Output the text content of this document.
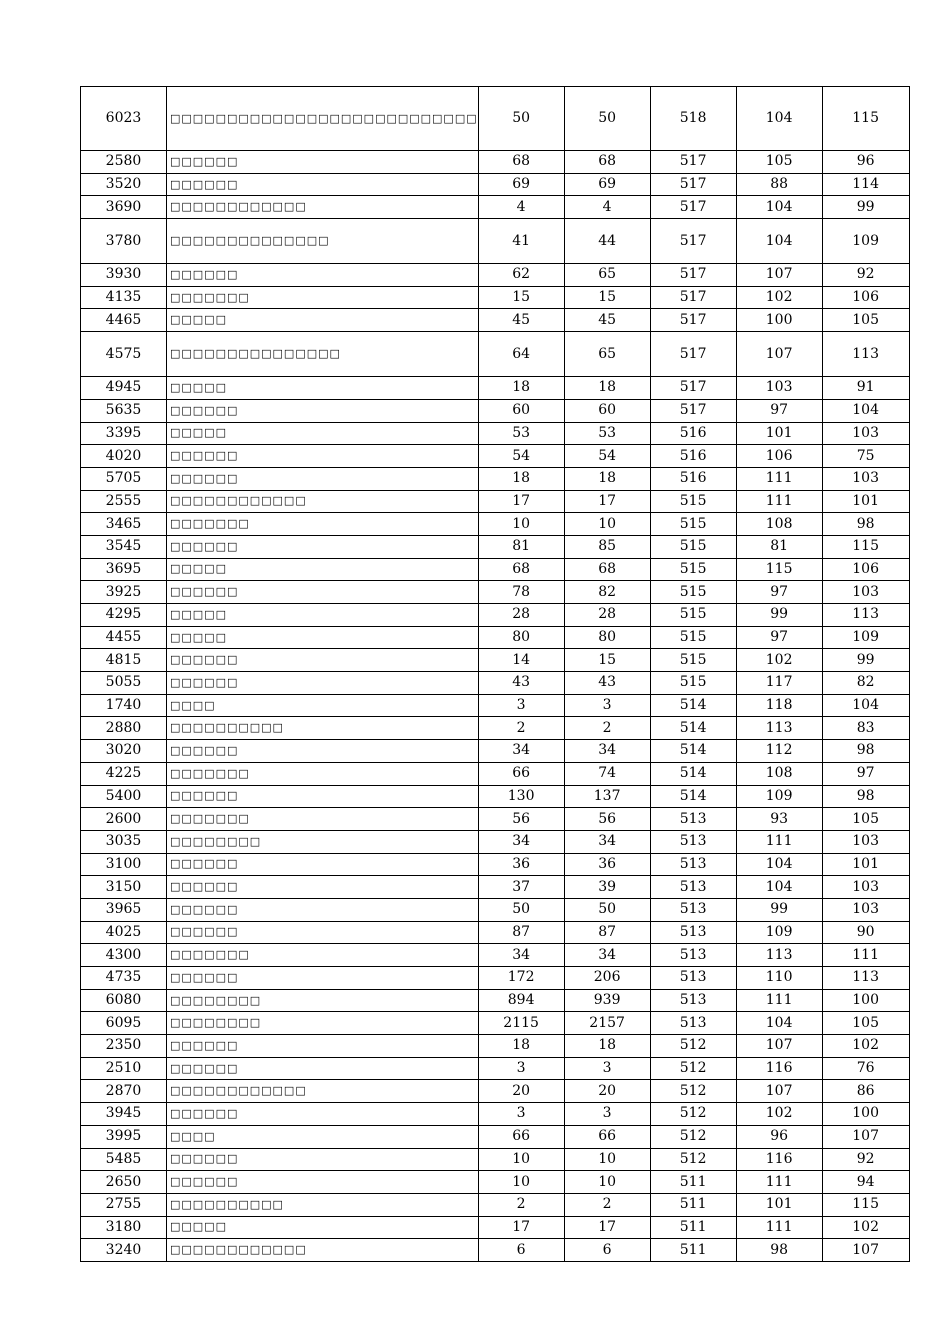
6023	□□□□□□□□□□□□□□□□□□□□□□□□□□□	50	50	518	104	115
2580	□□□□□□	68	68	517	105	96
3520	□□□□□□	69	69	517	88	114
3690	□□□□□□□□□□□□	4	4	517	104	99
3780	□□□□□□□□□□□□□□	41	44	517	104	109
3930	□□□□□□	62	65	517	107	92
4135	□□□□□□□	15	15	517	102	106
4465	□□□□□	45	45	517	100	105
4575	□□□□□□□□□□□□□□□	64	65	517	107	113
4945	□□□□□	18	18	517	103	91
5635	□□□□□□	60	60	517	97	104
3395	□□□□□	53	53	516	101	103
4020	□□□□□□	54	54	516	106	75
5705	□□□□□□	18	18	516	111	103
2555	□□□□□□□□□□□□	17	17	515	111	101
3465	□□□□□□□	10	10	515	108	98
3545	□□□□□□	81	85	515	81	115
3695	□□□□□	68	68	515	115	106
3925	□□□□□□	78	82	515	97	103
4295	□□□□□	28	28	515	99	113
4455	□□□□□	80	80	515	97	109
4815	□□□□□□	14	15	515	102	99
5055	□□□□□□	43	43	515	117	82
1740	□□□□	3	3	514	118	104
2880	□□□□□□□□□□	2	2	514	113	83
3020	□□□□□□	34	34	514	112	98
4225	□□□□□□□	66	74	514	108	97
5400	□□□□□□	130	137	514	109	98
2600	□□□□□□□	56	56	513	93	105
3035	□□□□□□□□	34	34	513	111	103
3100	□□□□□□	36	36	513	104	101
3150	□□□□□□	37	39	513	104	103
3965	□□□□□□	50	50	513	99	103
4025	□□□□□□	87	87	513	109	90
4300	□□□□□□□	34	34	513	113	111
4735	□□□□□□	172	206	513	110	113
6080	□□□□□□□□	894	939	513	111	100
6095	□□□□□□□□	2115	2157	513	104	105
2350	□□□□□□	18	18	512	107	102
2510	□□□□□□	3	3	512	116	76
2870	□□□□□□□□□□□□	20	20	512	107	86
3945	□□□□□□	3	3	512	102	100
3995	□□□□	66	66	512	96	107
5485	□□□□□□	10	10	512	116	92
2650	□□□□□□	10	10	511	111	94
2755	□□□□□□□□□□	2	2	511	101	115
3180	□□□□□	17	17	511	111	102
3240	□□□□□□□□□□□□	6	6	511	98	107
